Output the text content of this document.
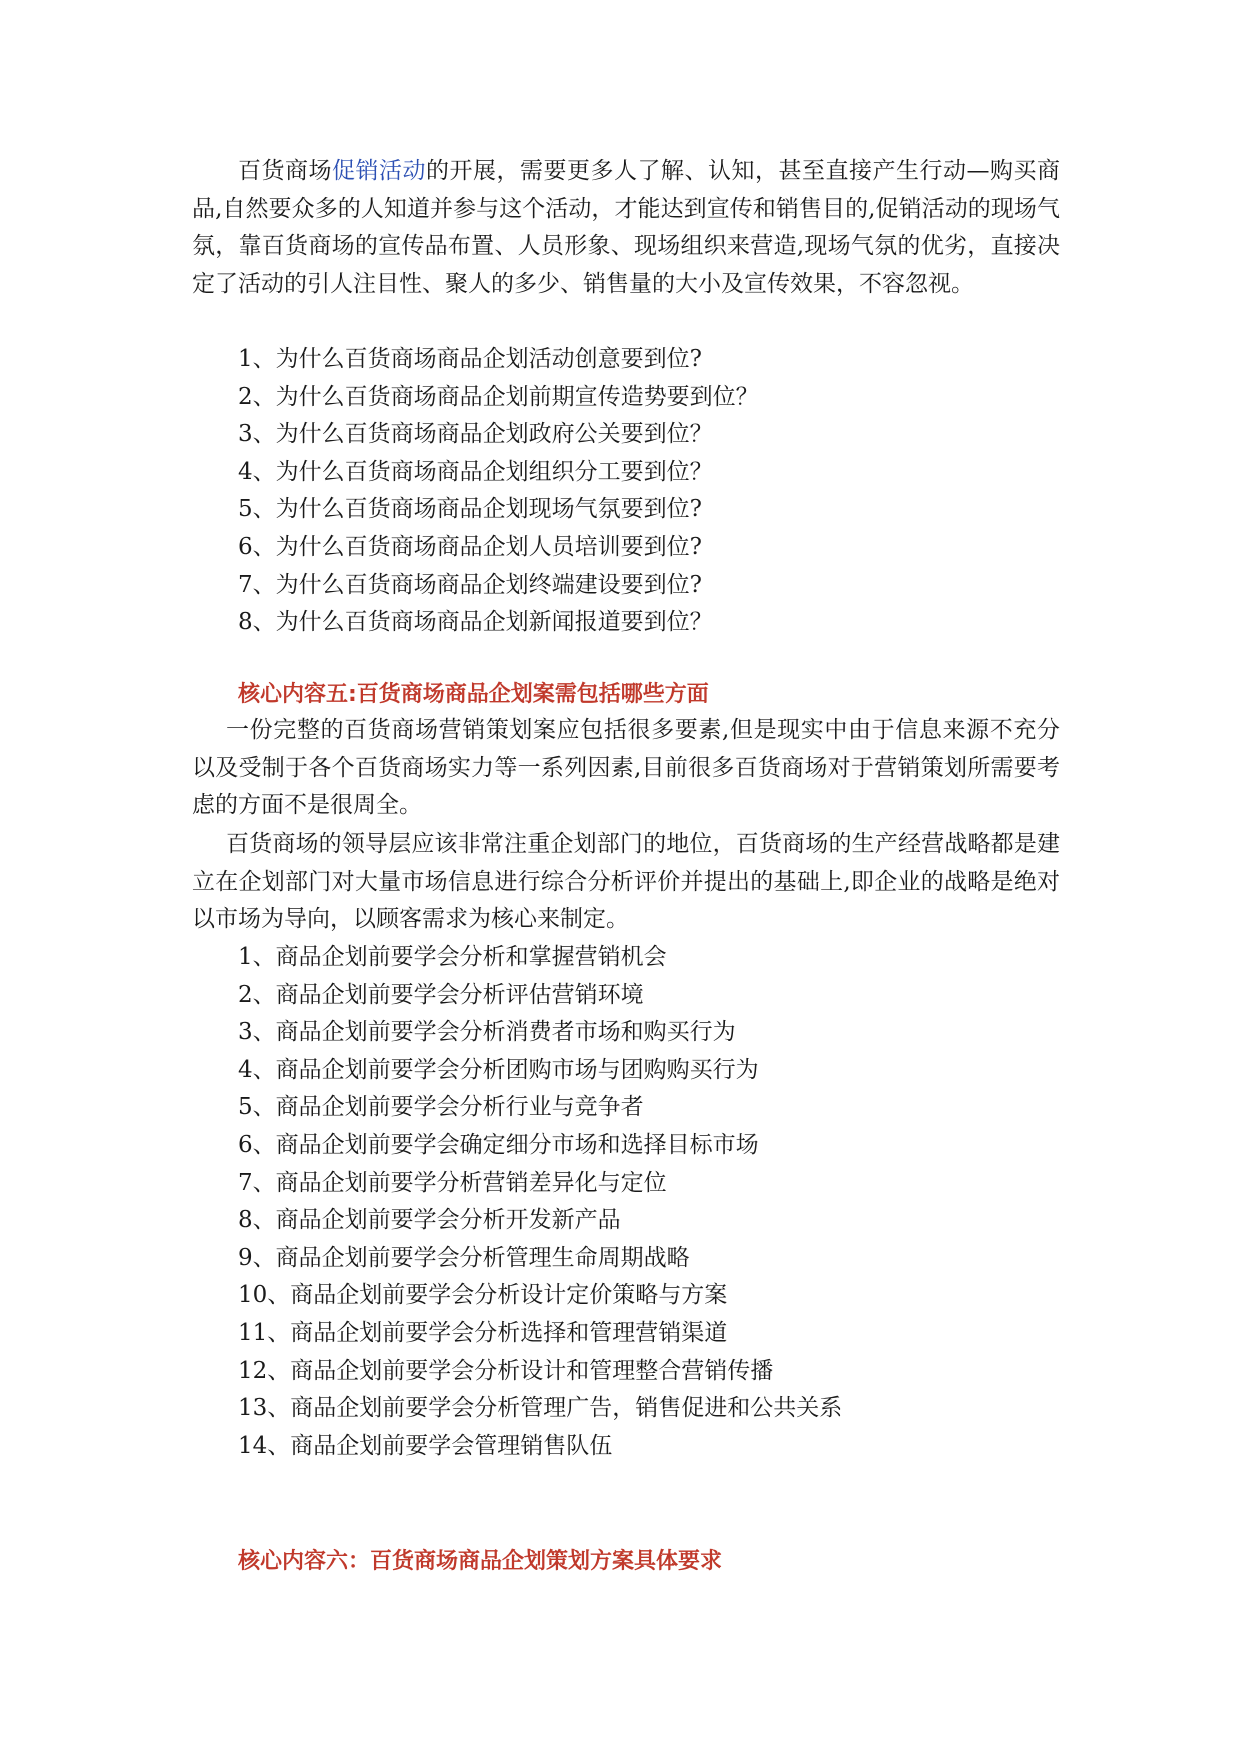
百货商场促销活动的开展，需要更多人了解、认知，甚至直接产生行动—购买商品,自然要众多的人知道并参与这个活动，才能达到宣传和销售目的,促销活动的现场气氛，靠百货商场的宣传品布置、人员形象、现场组织来营造,现场气氛的优劣，直接决定了活动的引人注目性、聚人的多少、销售量的大小及宣传效果，不容忽视。

1、为什么百货商场商品企划活动创意要到位?
2、为什么百货商场商品企划前期宣传造势要到位？
3、为什么百货商场商品企划政府公关要到位？
4、为什么百货商场商品企划组织分工要到位？
5、为什么百货商场商品企划现场气氛要到位?
6、为什么百货商场商品企划人员培训要到位?
7、为什么百货商场商品企划终端建设要到位?
8、为什么百货商场商品企划新闻报道要到位？
核心内容五:百货商场商品企划案需包括哪些方面

一份完整的百货商场营销策划案应包括很多要素,但是现实中由于信息来源不充分以及受制于各个百货商场实力等一系列因素,目前很多百货商场对于营销策划所需要考虑的方面不是很周全。

百货商场的领导层应该非常注重企划部门的地位，百货商场的生产经营战略都是建立在企划部门对大量市场信息进行综合分析评价并提出的基础上,即企业的战略是绝对以市场为导向，以顾客需求为核心来制定。

1、商品企划前要学会分析和掌握营销机会
2、商品企划前要学会分析评估营销环境
3、商品企划前要学会分析消费者市场和购买行为
4、商品企划前要学会分析团购市场与团购购买行为
5、商品企划前要学会分析行业与竞争者
6、商品企划前要学会确定细分市场和选择目标市场
7、商品企划前要学分析营销差异化与定位
8、商品企划前要学会分析开发新产品
9、商品企划前要学会分析管理生命周期战略
10、商品企划前要学会分析设计定价策略与方案
11、商品企划前要学会分析选择和管理营销渠道
12、商品企划前要学会分析设计和管理整合营销传播
13、商品企划前要学会分析管理广告，销售促进和公共关系
14、商品企划前要学会管理销售队伍
核心内容六：百货商场商品企划策划方案具体要求
